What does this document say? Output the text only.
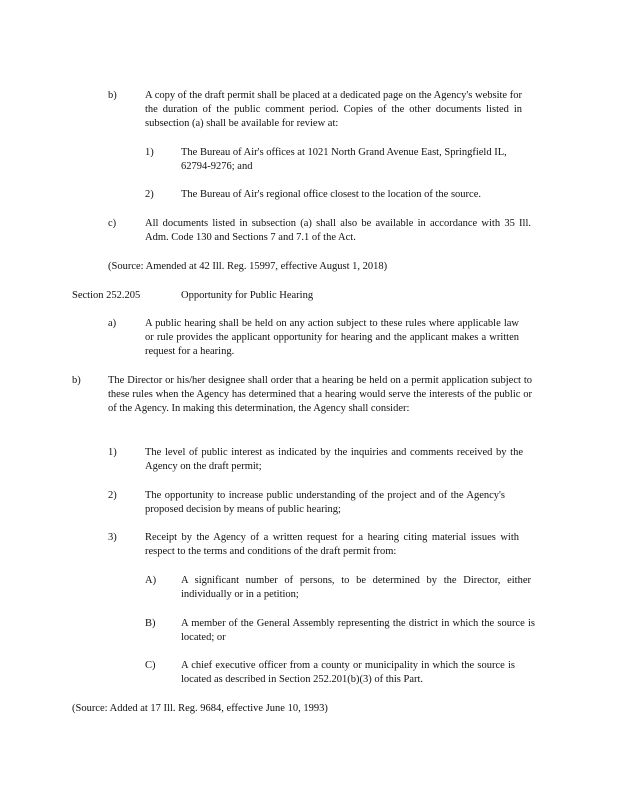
b)	A copy of the draft permit shall be placed at a dedicated page on the Agency's website for the duration of the public comment period. Copies of the other documents listed in subsection (a) shall be available for review at:

1)	The Bureau of Air's offices at 1021 North Grand Avenue East, Springfield IL, 62794-9276; and

2)	The Bureau of Air's regional office closest to the location of the source.

c)	All documents listed in subsection (a) shall also be available in accordance with 35 Ill. Adm. Code 130 and Sections 7 and 7.1 of the Act.

(Source: Amended at 42 Ill. Reg. 15997, effective August 1, 2018)

Section 252.205	Opportunity for Public Hearing

a)	A public hearing shall be held on any action subject to these rules where applicable law or rule provides the applicant opportunity for hearing and the applicant makes a written request for a hearing.

b)	The Director or his/her designee shall order that a hearing be held on a permit application subject to these rules when the Agency has determined that a hearing would serve the interests of the public or of the Agency. In making this determination, the Agency shall consider:

1)	The level of public interest as indicated by the inquiries and comments received by the Agency on the draft permit;

2)	The opportunity to increase public understanding of the project and of the Agency's proposed decision by means of public hearing;

3)	Receipt by the Agency of a written request for a hearing citing material issues with respect to the terms and conditions of the draft permit from:

A) A significant number of persons, to be determined by the Director, either individually or in a petition;

B) A member of the General Assembly representing the district in which the source is located; or

C) A chief executive officer from a county or municipality in which the source is located as described in Section 252.201(b)(3) of this Part.

(Source: Added at 17 Ill. Reg. 9684, effective June 10, 1993)
